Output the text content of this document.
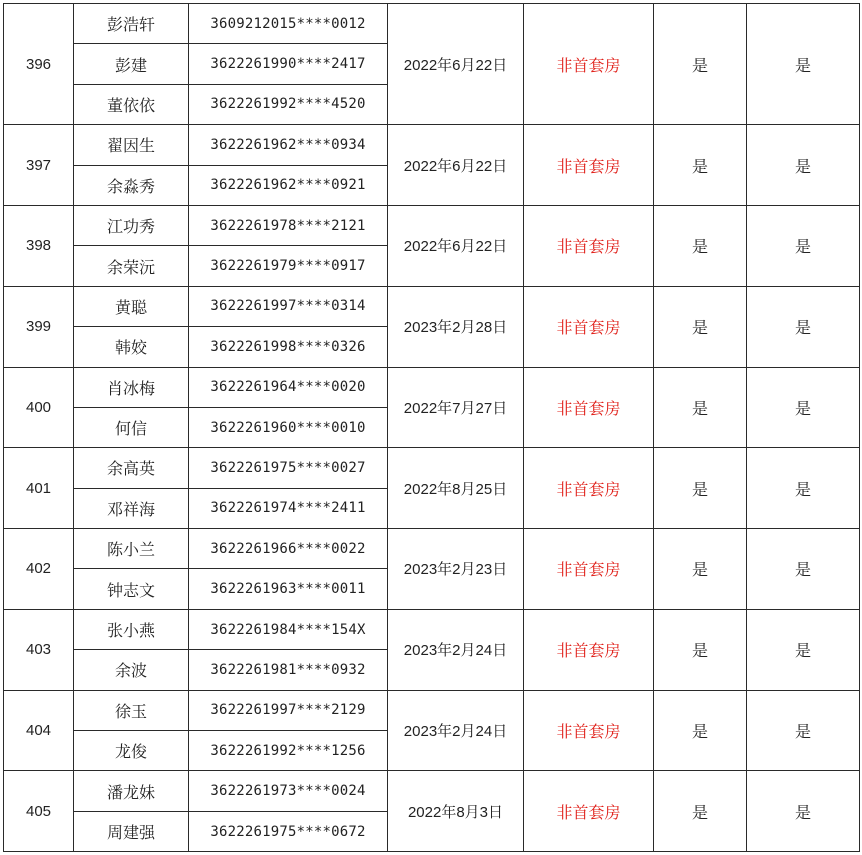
396	彭浩轩	3609212015****0012	2022年6月22日	非首套房	是	是
	彭建	3622261990****2417				
	董依依	3622261992****4520				
397	翟因生	3622261962****0934	2022年6月22日	非首套房	是	是
	余淼秀	3622261962****0921				
398	江功秀	3622261978****2121	2022年6月22日	非首套房	是	是
	余荣沅	3622261979****0917				
399	黄聪	3622261997****0314	2023年2月28日	非首套房	是	是
	韩姣	3622261998****0326				
400	肖冰梅	3622261964****0020	2022年7月27日	非首套房	是	是
	何信	3622261960****0010				
401	余高英	3622261975****0027	2022年8月25日	非首套房	是	是
	邓祥海	3622261974****2411				
402	陈小兰	3622261966****0022	2023年2月23日	非首套房	是	是
	钟志文	3622261963****0011				
403	张小燕	3622261984****154X	2023年2月24日	非首套房	是	是
	余波	3622261981****0932				
404	徐玉	3622261997****2129	2023年2月24日	非首套房	是	是
	龙俊	3622261992****1256				
405	潘龙妹	3622261973****0024	2022年8月3日	非首套房	是	是
	周建强	3622261975****0672				
